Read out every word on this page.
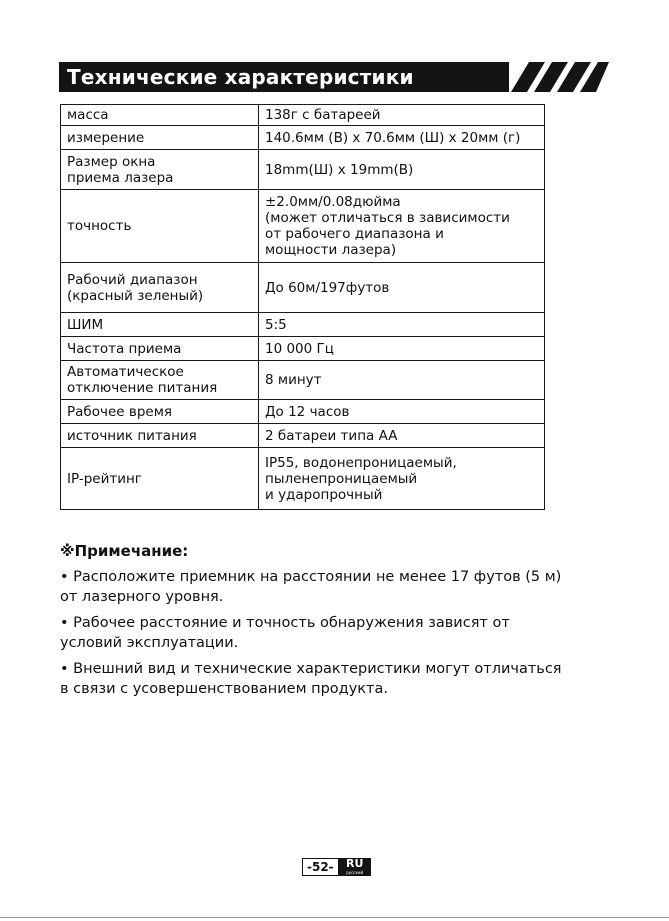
Технические характеристики
масса	138г с батареей
измерение	140.6мм (В) x 70.6мм (Ш) x 20мм (г)
Размер окна
приема лазера	18mm(Ш) x 19mm(В)
точность	±2.0мм/0.08дюйма
(может отличаться в зависимости
от рабочего диапазона и
мощности лазера)
Рабочий диапазон
(красный зеленый)	До 60м/197футов
ШИМ	5:5
Частота приема	10 000 Гц
Автоматическое
отключение питания	8 минут
Рабочее время	До 12 часов
источник питания	2 батареи типа AA
IP-рейтинг	IP55, водонепроницаемый,
пыленепроницаемый
и ударопрочный
※Примечание:
• Расположите приемник на расстоянии не менее 17 футов (5 м)
от лазерного уровня.
• Рабочее расстояние и точность обнаружения зависят от
условий эксплуатации.
• Внешний вид и технические характеристики могут отличаться
в связи с усовершенствованием продукта.
-52-	RU
русский
